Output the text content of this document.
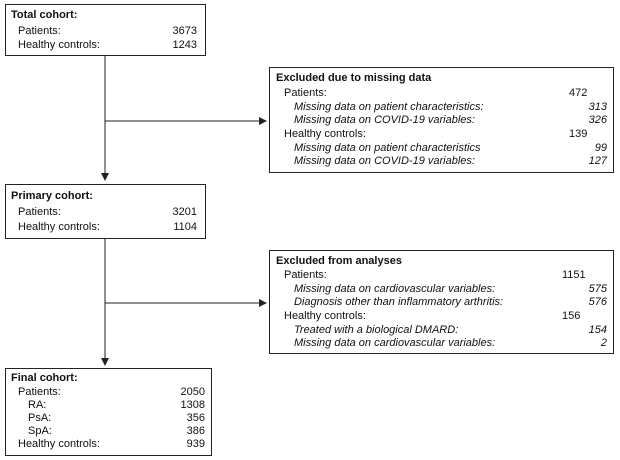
Total cohort:
Patients:	3673
Healthy controls:	1243
Excluded due to missing data
Patients:	472
Missing data on patient characteristics:	313
Missing data on COVID-19 variables:	326
Healthy controls:	139
Missing data on patient characteristics	99
Missing data on COVID-19 variables:	127
Primary cohort:
Patients:	3201
Healthy controls:	1104
Excluded from analyses
Patients:	1151
Missing data on cardiovascular variables:	575
Diagnosis other than inflammatory arthritis:	576
Healthy controls:	156
Treated with a biological DMARD:	154
Missing data on cardiovascular variables:	2
Final cohort:
Patients:	2050
RA:	1308
PsA:	356
SpA:	386
Healthy controls:	939
